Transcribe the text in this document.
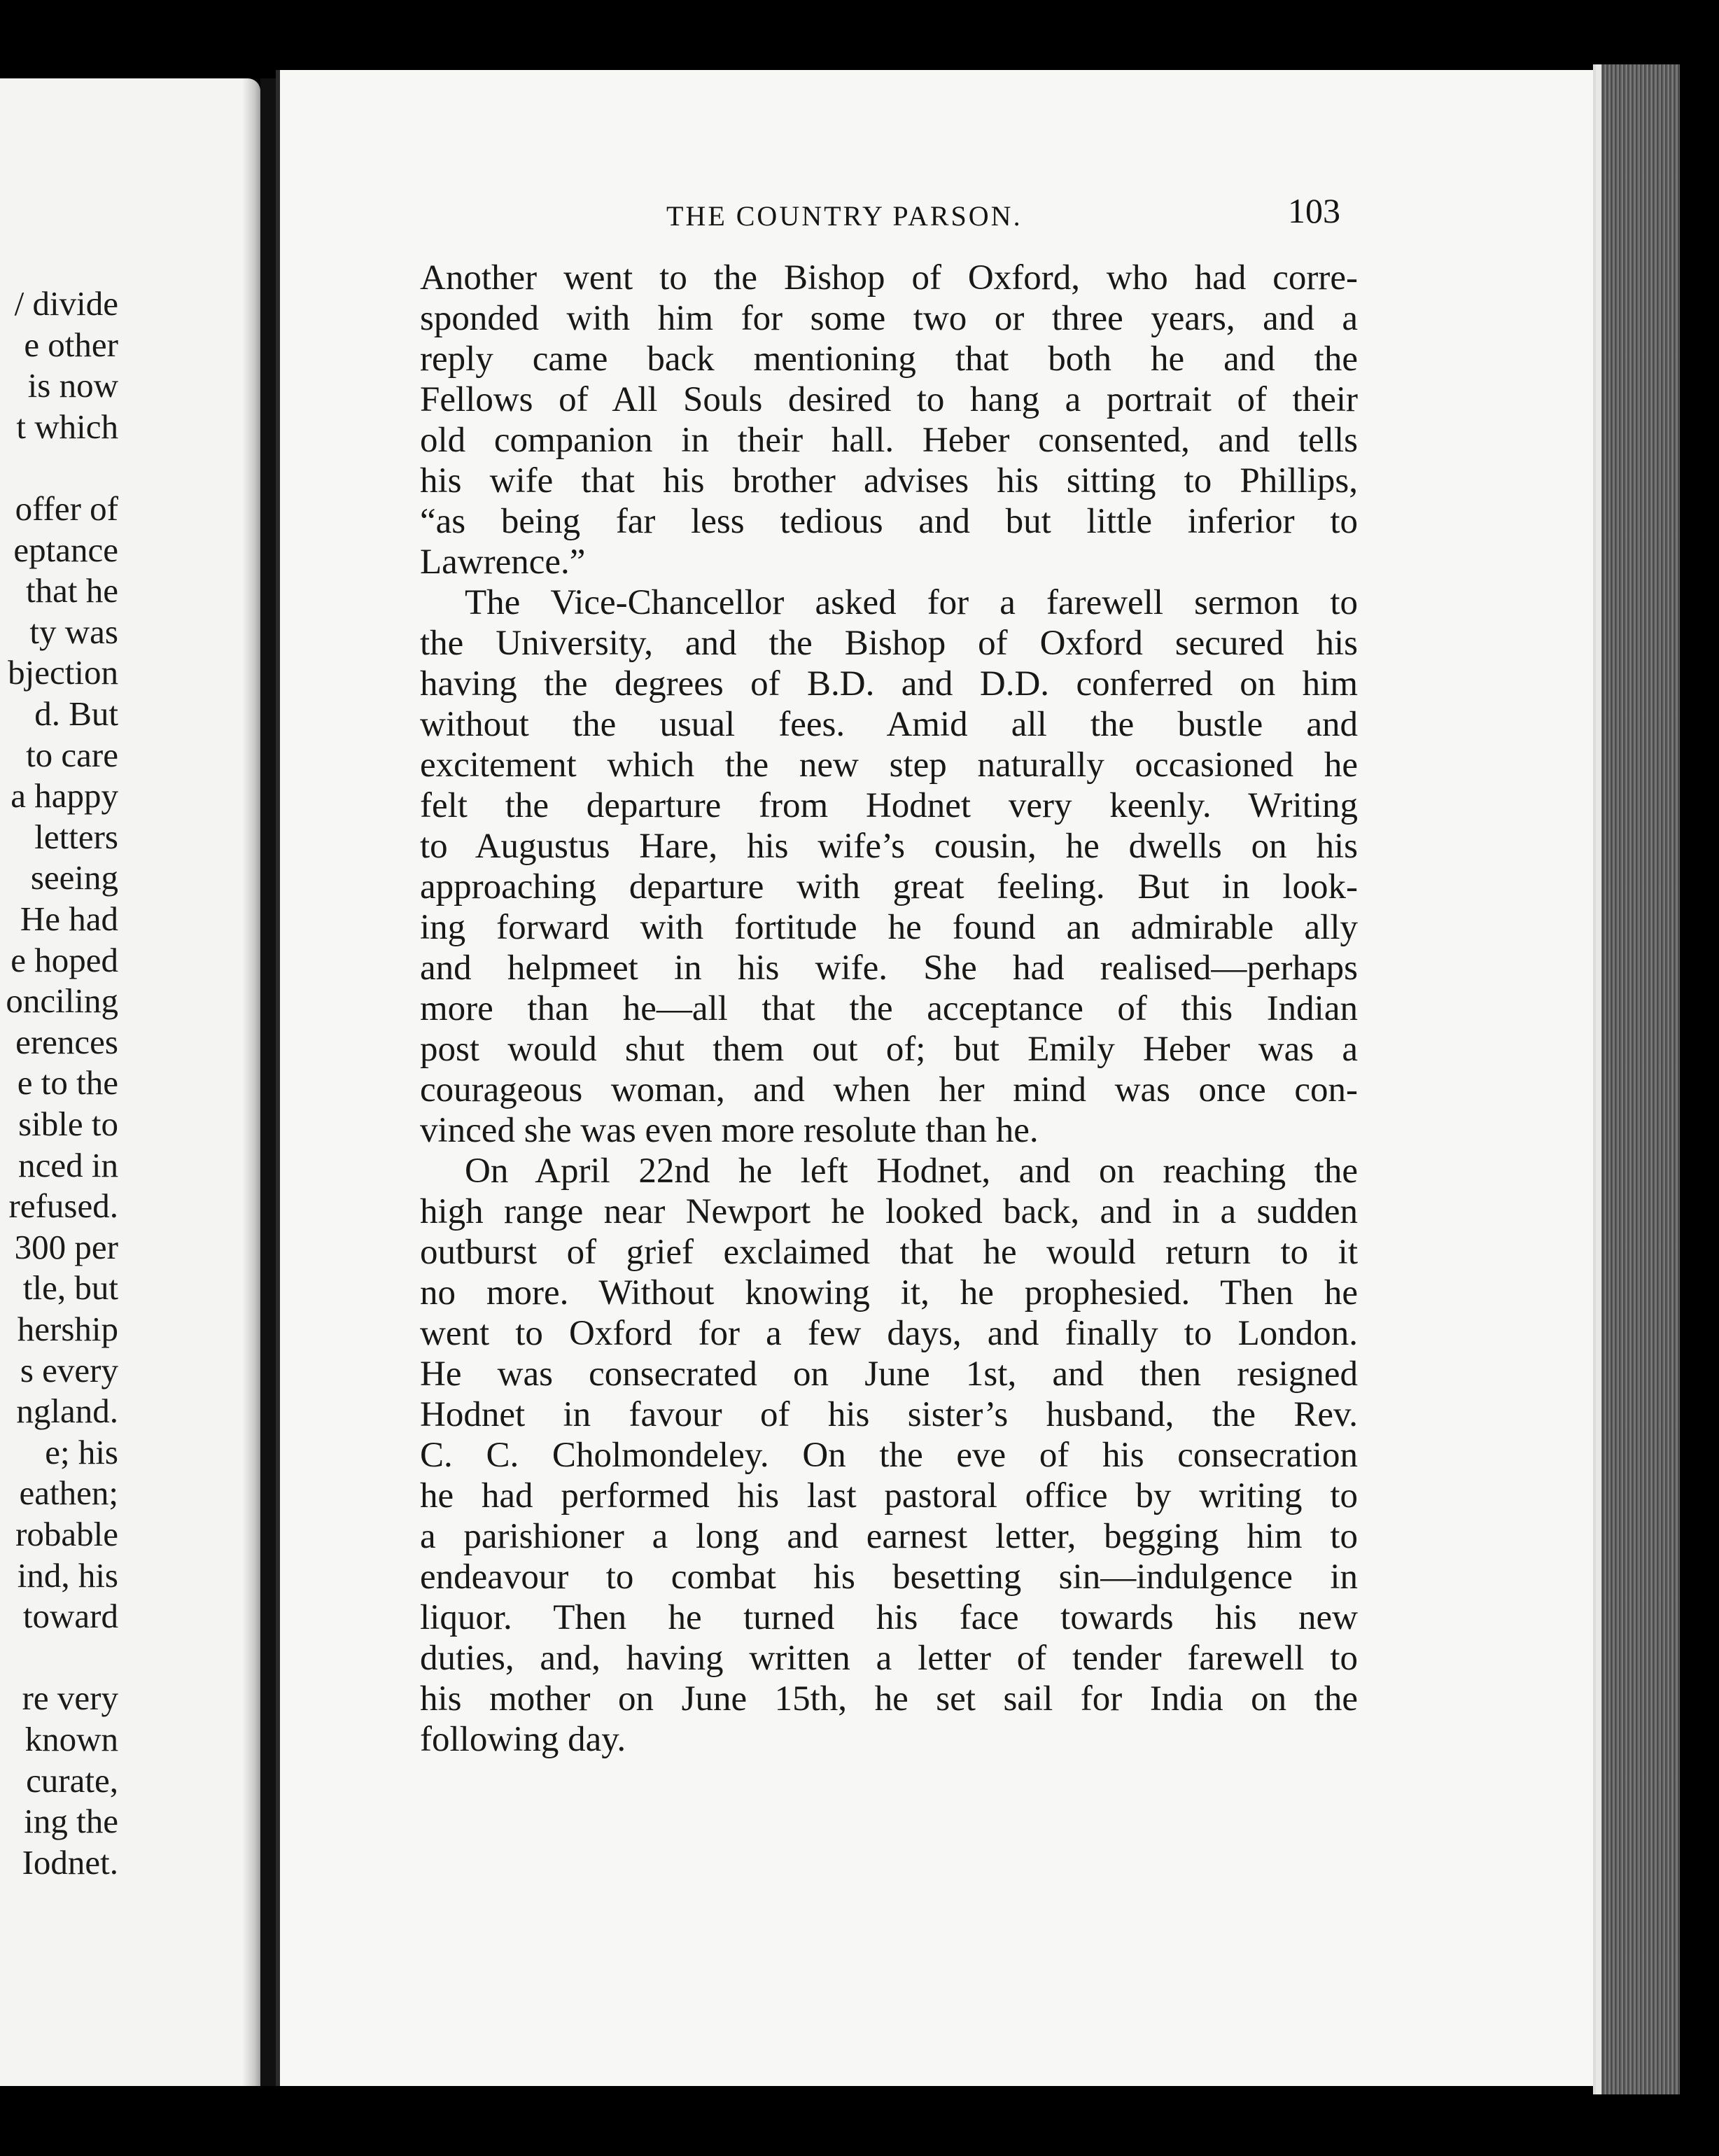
/ divide
e other
is now
t which
offer of
eptance
that he
ty was
bjection
d. But
to care
a happy
letters
seeing
He had
e hoped
onciling
erences
e to the
sible to
nced in
refused.
300 per
tle, but
hership
s every
ngland.
e; his
eathen;
robable
ind, his
toward
re very
known
curate,
ing the
Iodnet.
THE COUNTRY PARSON.	103
Another went to the Bishop of Oxford, who had corre-
sponded with him for some two or three years, and a
reply came back mentioning that both he and the
Fellows of All Souls desired to hang a portrait of their
old companion in their hall. Heber consented, and tells
his wife that his brother advises his sitting to Phillips,
“as being far less tedious and but little inferior to
Lawrence.”
The Vice-Chancellor asked for a farewell sermon to
the University, and the Bishop of Oxford secured his
having the degrees of B.D. and D.D. conferred on him
without the usual fees. Amid all the bustle and
excitement which the new step naturally occasioned he
felt the departure from Hodnet very keenly. Writing
to Augustus Hare, his wife’s cousin, he dwells on his
approaching departure with great feeling. But in look-
ing forward with fortitude he found an admirable ally
and helpmeet in his wife. She had realised—perhaps
more than he—all that the acceptance of this Indian
post would shut them out of; but Emily Heber was a
courageous woman, and when her mind was once con-
vinced she was even more resolute than he.
On April 22nd he left Hodnet, and on reaching the
high range near Newport he looked back, and in a sudden
outburst of grief exclaimed that he would return to it
no more. Without knowing it, he prophesied. Then he
went to Oxford for a few days, and finally to London.
He was consecrated on June 1st, and then resigned
Hodnet in favour of his sister’s husband, the Rev.
C. C. Cholmondeley. On the eve of his consecration
he had performed his last pastoral office by writing to
a parishioner a long and earnest letter, begging him to
endeavour to combat his besetting sin—indulgence in
liquor. Then he turned his face towards his new
duties, and, having written a letter of tender farewell to
his mother on June 15th, he set sail for India on the
following day.
